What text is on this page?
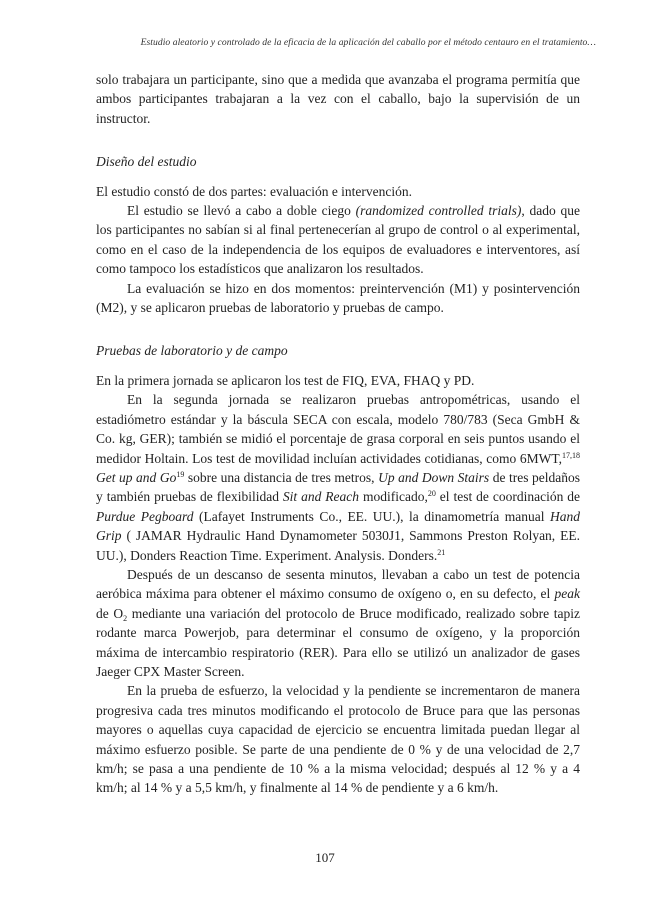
Estudio aleatorio y controlado de la eficacia de la aplicación del caballo por el método centauro en el tratamiento…

solo trabajara un participante, sino que a medida que avanzaba el programa permitía que ambos participantes trabajaran a la vez con el caballo, bajo la supervisión de un instructor.

Diseño del estudio

El estudio constó de dos partes: evaluación e intervención.

El estudio se llevó a cabo a doble ciego (randomized controlled trials), dado que los participantes no sabían si al final pertenecerían al grupo de control o al experimental, como en el caso de la independencia de los equipos de evaluadores e interventores, así como tampoco los estadísticos que analizaron los resultados.

La evaluación se hizo en dos momentos: preintervención (M1) y posintervención (M2), y se aplicaron pruebas de laboratorio y pruebas de campo.

Pruebas de laboratorio y de campo

En la primera jornada se aplicaron los test de FIQ, EVA, FHAQ y PD.

En la segunda jornada se realizaron pruebas antropométricas, usando el estadiómetro estándar y la báscula SECA con escala, modelo 780/783 (Seca GmbH & Co. kg, GER); también se midió el porcentaje de grasa corporal en seis puntos usando el medidor Holtain. Los test de movilidad incluían actividades cotidianas, como 6MWT,$^{17,18}$ Get up and Go$^{19}$ sobre una distancia de tres metros, Up and Down Stairs de tres peldaños y también pruebas de flexibilidad Sit and Reach modificado,$^{20}$ el test de coordinación de Purdue Pegboard (Lafayet Instruments Co., EE. UU.), la dinamometría manual Hand Grip ( JAMAR Hydraulic Hand Dynamometer 5030J1, Sammons Preston Rolyan, EE. UU.), Donders Reaction Time. Experiment. Analysis. Donders.$^{21}$

Después de un descanso de sesenta minutos, llevaban a cabo un test de potencia aeróbica máxima para obtener el máximo consumo de oxígeno o, en su defecto, el peak de $O_2$ mediante una variación del protocolo de Bruce modificado, realizado sobre tapiz rodante marca Powerjob, para determinar el consumo de oxígeno, y la proporción máxima de intercambio respiratorio (RER). Para ello se utilizó un analizador de gases Jaeger CPX Master Screen.

En la prueba de esfuerzo, la velocidad y la pendiente se incrementaron de manera progresiva cada tres minutos modificando el protocolo de Bruce para que las personas mayores o aquellas cuya capacidad de ejercicio se encuentra limitada puedan llegar al máximo esfuerzo posible. Se parte de una pendiente de 0 % y de una velocidad de 2,7 km/h; se pasa a una pendiente de 10 % a la misma velocidad; después al 12 % y a 4 km/h; al 14 % y a 5,5 km/h, y finalmente al 14 % de pendiente y a 6 km/h.

107
